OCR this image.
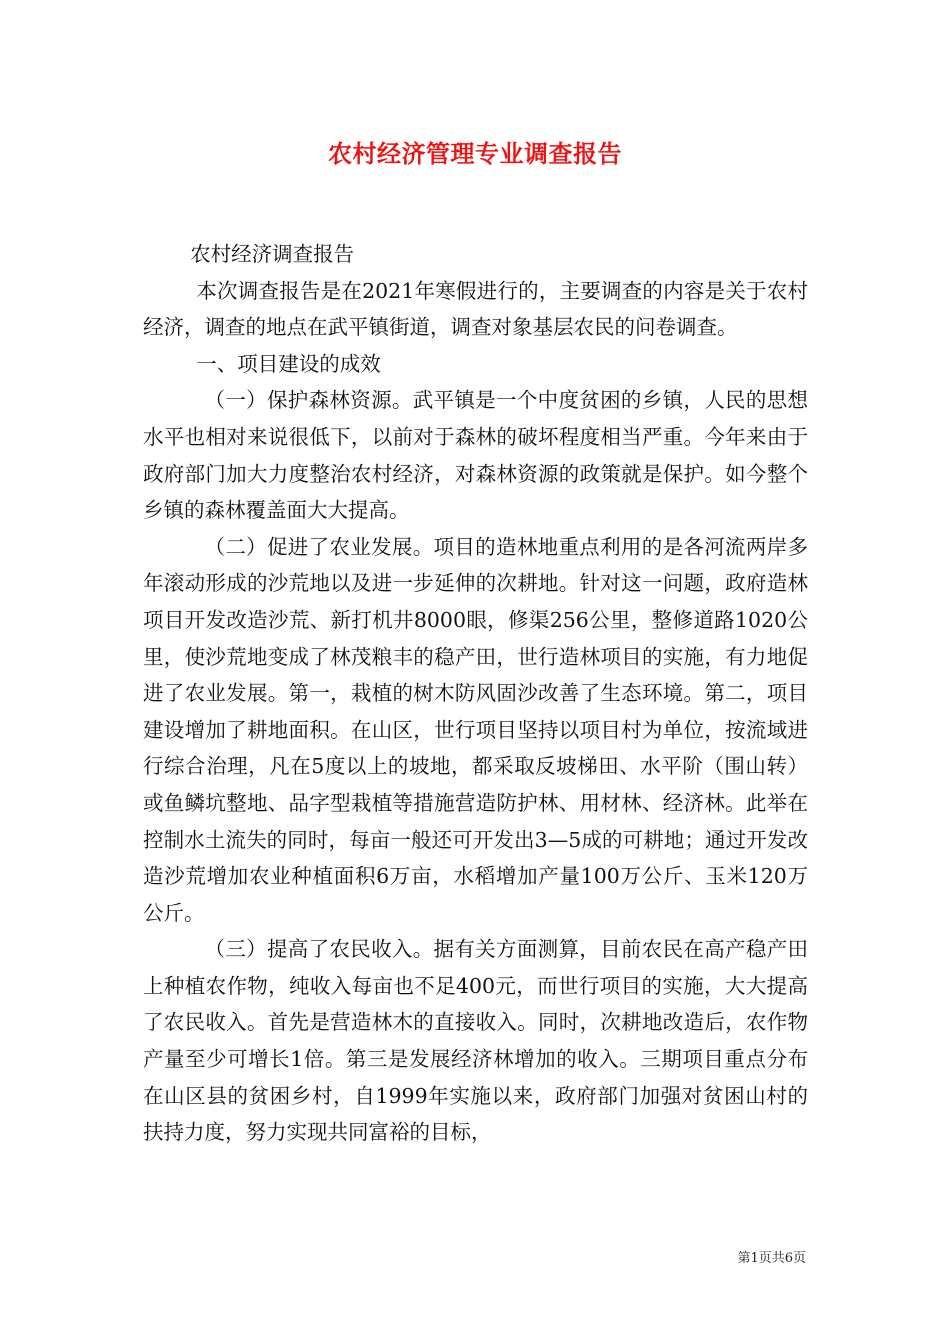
农村经济管理专业调查报告

农村经济调查报告

本次调查报告是在2021年寒假进行的，主要调查的内容是关于农村经济，调查的地点在武平镇街道，调查对象基层农民的问卷调查。

一、项目建设的成效

（一）保护森林资源。武平镇是一个中度贫困的乡镇，人民的思想水平也相对来说很低下，以前对于森林的破坏程度相当严重。今年来由于政府部门加大力度整治农村经济，对森林资源的政策就是保护。如今整个乡镇的森林覆盖面大大提高。

（二）促进了农业发展。项目的造林地重点利用的是各河流两岸多年滚动形成的沙荒地以及进一步延伸的次耕地。针对这一问题，政府造林项目开发改造沙荒、新打机井8000眼，修渠256公里，整修道路1020公里，使沙荒地变成了林茂粮丰的稳产田，世行造林项目的实施，有力地促进了农业发展。第一，栽植的树木防风固沙改善了生态环境。第二，项目建设增加了耕地面积。在山区，世行项目坚持以项目村为单位，按流域进行综合治理，凡在5度以上的坡地，都采取反坡梯田、水平阶（围山转）或鱼鳞坑整地、品字型栽植等措施营造防护林、用材林、经济林。此举在控制水土流失的同时，每亩一般还可开发出3—5成的可耕地；通过开发改造沙荒增加农业种植面积6万亩，水稻增加产量100万公斤、玉米120万公斤。

（三）提高了农民收入。据有关方面测算，目前农民在高产稳产田上种植农作物，纯收入每亩也不足400元，而世行项目的实施，大大提高了农民收入。首先是营造林木的直接收入。同时，次耕地改造后，农作物产量至少可增长1倍。第三是发展经济林增加的收入。三期项目重点分布在山区县的贫困乡村，自1999年实施以来，政府部门加强对贫困山村的扶持力度，努力实现共同富裕的目标，

第1页共6页
